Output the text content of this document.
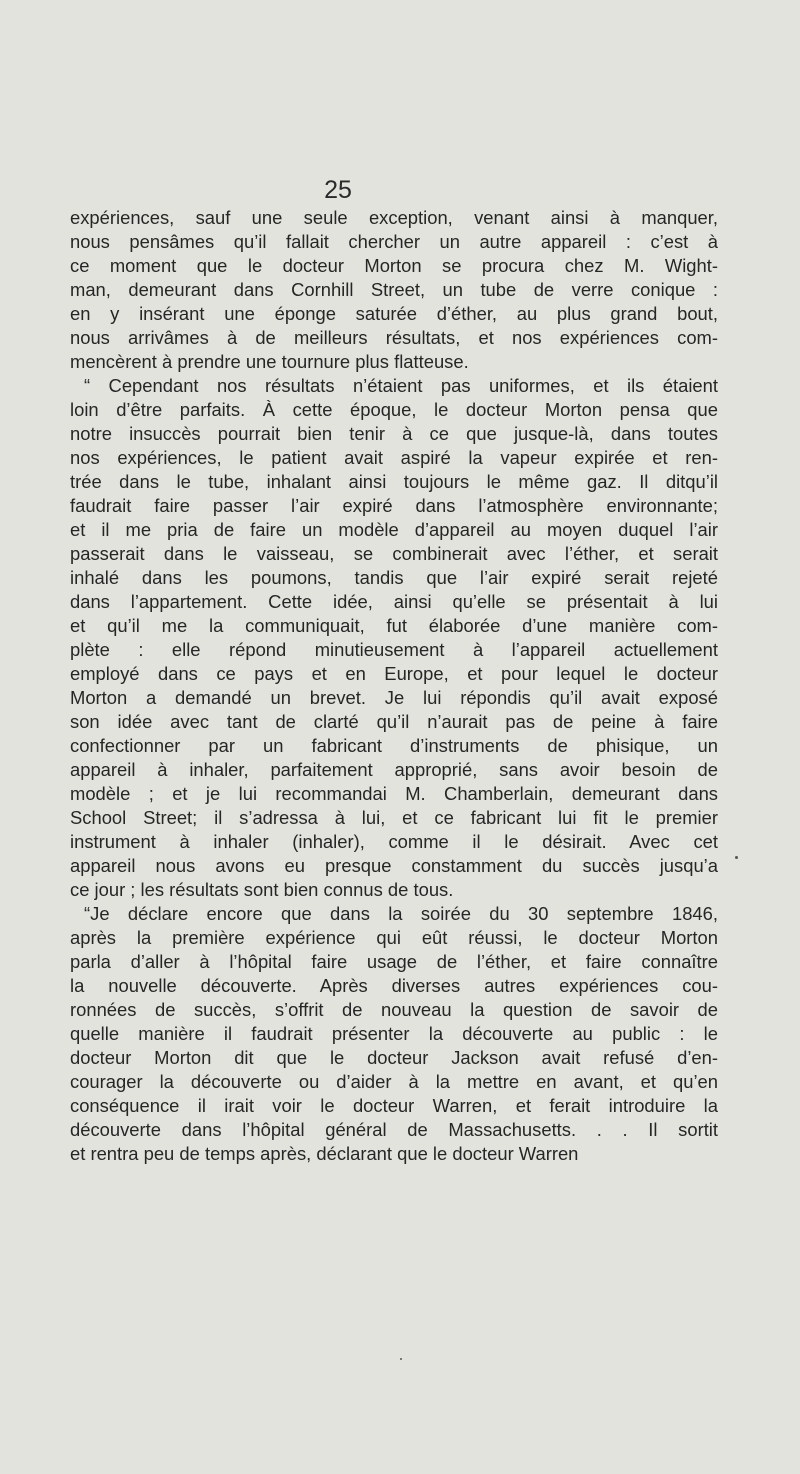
25
expériences, sauf une seule exception, venant ainsi à manquer,
nous pensâmes qu’il fallait chercher un autre appareil : c’est à
ce moment que le docteur Morton se procura chez M. Wight-
man, demeurant dans Cornhill Street, un tube de verre conique :
en y insérant une éponge saturée d’éther, au plus grand bout,
nous arrivâmes à de meilleurs résultats, et nos expériences com-
mencèrent à prendre une tournure plus flatteuse.
“ Cependant nos résultats n’étaient pas uniformes, et ils étaient
loin d’être parfaits. À cette époque, le docteur Morton pensa que
notre insuccès pourrait bien tenir à ce que jusque-là, dans toutes
nos expériences, le patient avait aspiré la vapeur expirée et ren-
trée dans le tube, inhalant ainsi toujours le même gaz. Il ditqu’il
faudrait faire passer l’air expiré dans l’atmosphère environnante;
et il me pria de faire un modèle d’appareil au moyen duquel l’air
passerait dans le vaisseau, se combinerait avec l’éther, et serait
inhalé dans les poumons, tandis que l’air expiré serait rejeté
dans l’appartement. Cette idée, ainsi qu’elle se présentait à lui
et qu’il me la communiquait, fut élaborée d’une manière com-
plète : elle répond minutieusement à l’appareil actuellement
employé dans ce pays et en Europe, et pour lequel le docteur
Morton a demandé un brevet. Je lui répondis qu’il avait exposé
son idée avec tant de clarté qu’il n’aurait pas de peine à faire
confectionner par un fabricant d’instruments de phisique, un
appareil à inhaler, parfaitement approprié, sans avoir besoin de
modèle ; et je lui recommandai M. Chamberlain, demeurant dans
School Street; il s’adressa à lui, et ce fabricant lui fit le premier
instrument à inhaler (inhaler), comme il le désirait. Avec cet
appareil nous avons eu presque constamment du succès jusqu’a
ce jour ; les résultats sont bien connus de tous.
“Je déclare encore que dans la soirée du 30 septembre 1846,
après la première expérience qui eût réussi, le docteur Morton
parla d’aller à l’hôpital faire usage de l’éther, et faire connaître
la nouvelle découverte. Après diverses autres expériences cou-
ronnées de succès, s’offrit de nouveau la question de savoir de
quelle manière il faudrait présenter la découverte au public : le
docteur Morton dit que le docteur Jackson avait refusé d’en-
courager la découverte ou d’aider à la mettre en avant, et qu’en
conséquence il irait voir le docteur Warren, et ferait introduire la
découverte dans l’hôpital général de Massachusetts. . . Il sortit
et rentra peu de temps après, déclarant que le docteur Warren
